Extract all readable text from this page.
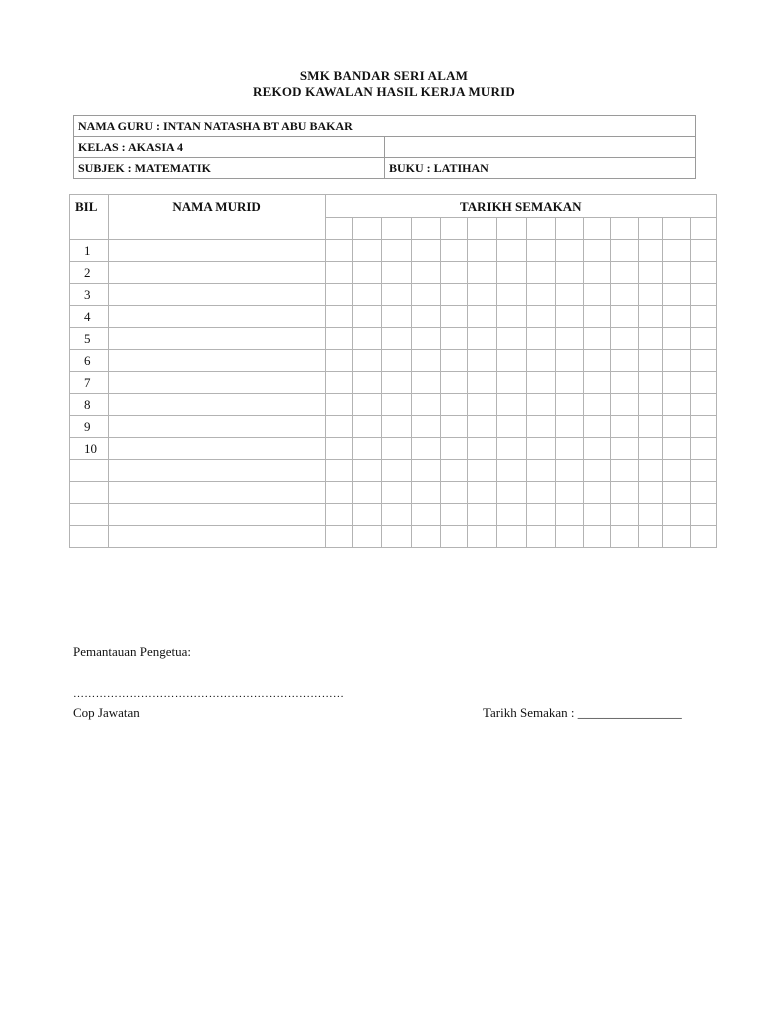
SMK BANDAR SERI ALAM
REKOD KAWALAN HASIL KERJA MURID
NAMA GURU : INTAN NATASHA BT ABU BAKAR	
KELAS : AKASIA 4	
SUBJEK : MATEMATIK	BUKU : LATIHAN
BIL	NAMA MURID	TARIKH SEMAKAN													

1															
2															
3															
4															
5															
6															
7															
8															
9															
10															

Pemantauan Pengetua:
………………………………………………………………
Cop Jawatan	Tarikh Semakan : ________________
